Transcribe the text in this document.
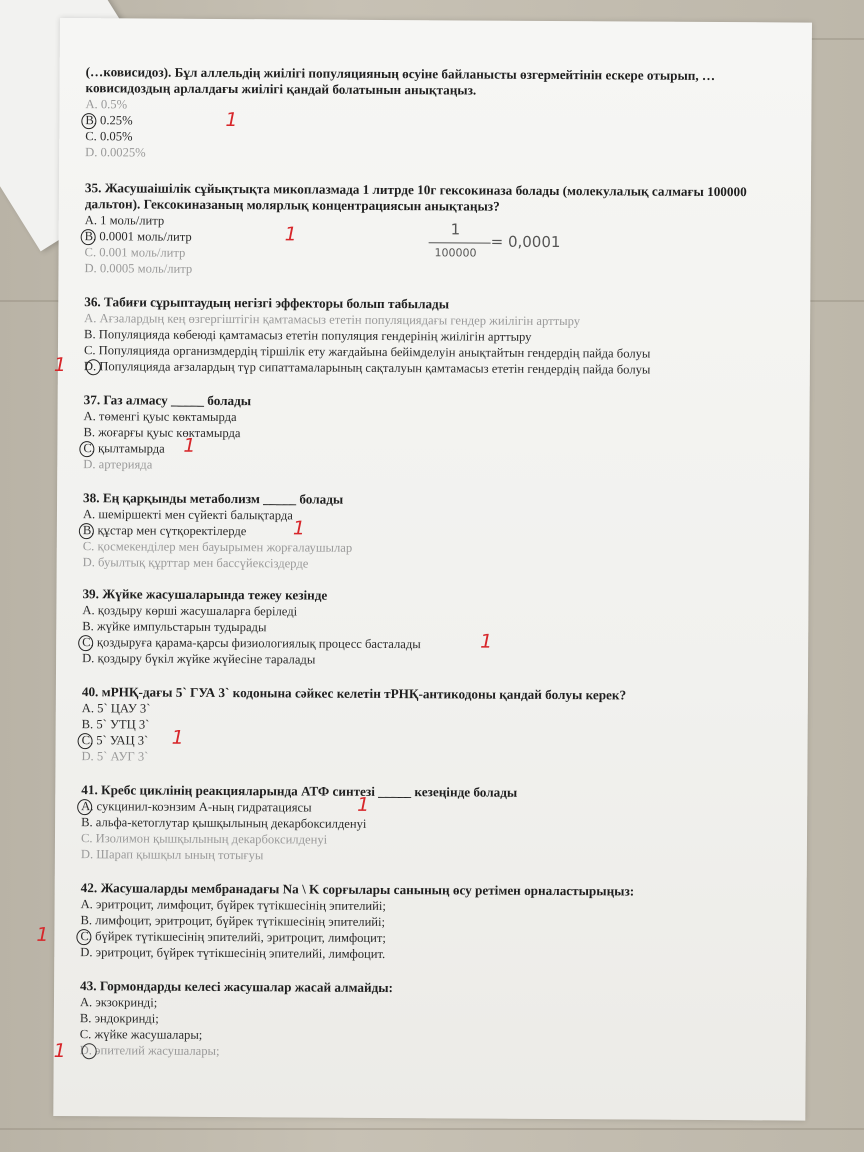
(…ковисидоз). Бұл аллельдің жиілігі популяцияның өсуіне байланысты өзгермейтінін ескере отырып, …ковисидоздың арлалдағы жиілігі қандай болатынын анықтаңыз.
A. 0.5%
B. 0.25%
C. 0.05%
D. 0.0025%
1
35. Жасушаішілік сұйықтықта микоплазмада 1 литрде 10г гексокиназа болады (молекулалық салмағы 100000 дальтон). Гексокиназаның молярлық концентрациясын анықтаңыз?
A. 1 моль/литр
B. 0.0001 моль/литр
C. 0.001 моль/литр
D. 0.0005 моль/литр
1	1
100000
= 0,0001
36. Табиғи сұрыптаудың негізгі эффекторы болып табылады
A. Ағзалардың кең өзгергіштігін қамтамасыз ететін популяциядағы гендер жиілігін арттыру
B. Популяцияда көбеюді қамтамасыз ететін популяция гендерінің жиілігін арттыру
C. Популяцияда организмдердің тіршілік ету жағдайына бейімделуін анықтайтын гендердің пайда болуы
D. Популяцияда ағзалардың түр сипаттамаларының сақталуын қамтамасыз ететін гендердің пайда болуы
1
37. Газ алмасу _____ болады
A. төменгі қуыс көктамырда
B. жоғарғы қуыс көктамырда
C. қылтамырда
D. артерияда
1
38. Ең қарқынды метаболизм _____ болады
A. шеміршекті мен сүйекті балықтарда
B. құстар мен сүтқоректілерде
C. қосмекенділер мен бауырымен жорғалаушылар
D. буылтық құрттар мен бассүйекcіздерде
1
39. Жүйке жасушаларында тежеу кезінде
A. қоздыру көрші жасушаларға беріледі
B. жүйке импульстарын тудырады
C. қоздыруға қарама-қарсы физиологиялық процесс басталады
D. қоздыру бүкіл жүйке жүйесіне таралады
1
40. мРНҚ-дағы 5` ГУА 3` кодонына сәйкес келетін тРНҚ-антикодоны қандай болуы керек?
A. 5` ЦАУ 3`
B. 5` УТЦ 3`
C. 5` УАЦ 3`
D. 5` АУГ 3`
1
41. Кребс циклінің реакцияларында АТФ синтезі _____ кезеңінде болады
A. сукцинил-коэнзим А-ның гидратациясы
B. альфа-кетоглутар қышқылының декарбоксилденуі
C. Изолимон қышқылының декарбоксилденуі
D. Шарап қышқыл ының тотығуы
1
42. Жасушаларды мембранадағы Na \ K сорғылары санының өсу ретімен орналастырыңыз:
A. эритроцит, лимфоцит, бүйрек түтікшесінің эпителийі;
B. лимфоцит, эритроцит, бүйрек түтікшесінің эпителийі;
C. бүйрек түтікшесінің эпителийі, эритроцит, лимфоцит;
D. эритроцит, бүйрек түтікшесінің эпителийі, лимфоцит.
1
43. Гормондарды келесі жасушалар жасай алмайды:
A. экзокринді;
B. эндокринді;
C. жүйке жасушалары;
D. эпителий жасушалары;
1
